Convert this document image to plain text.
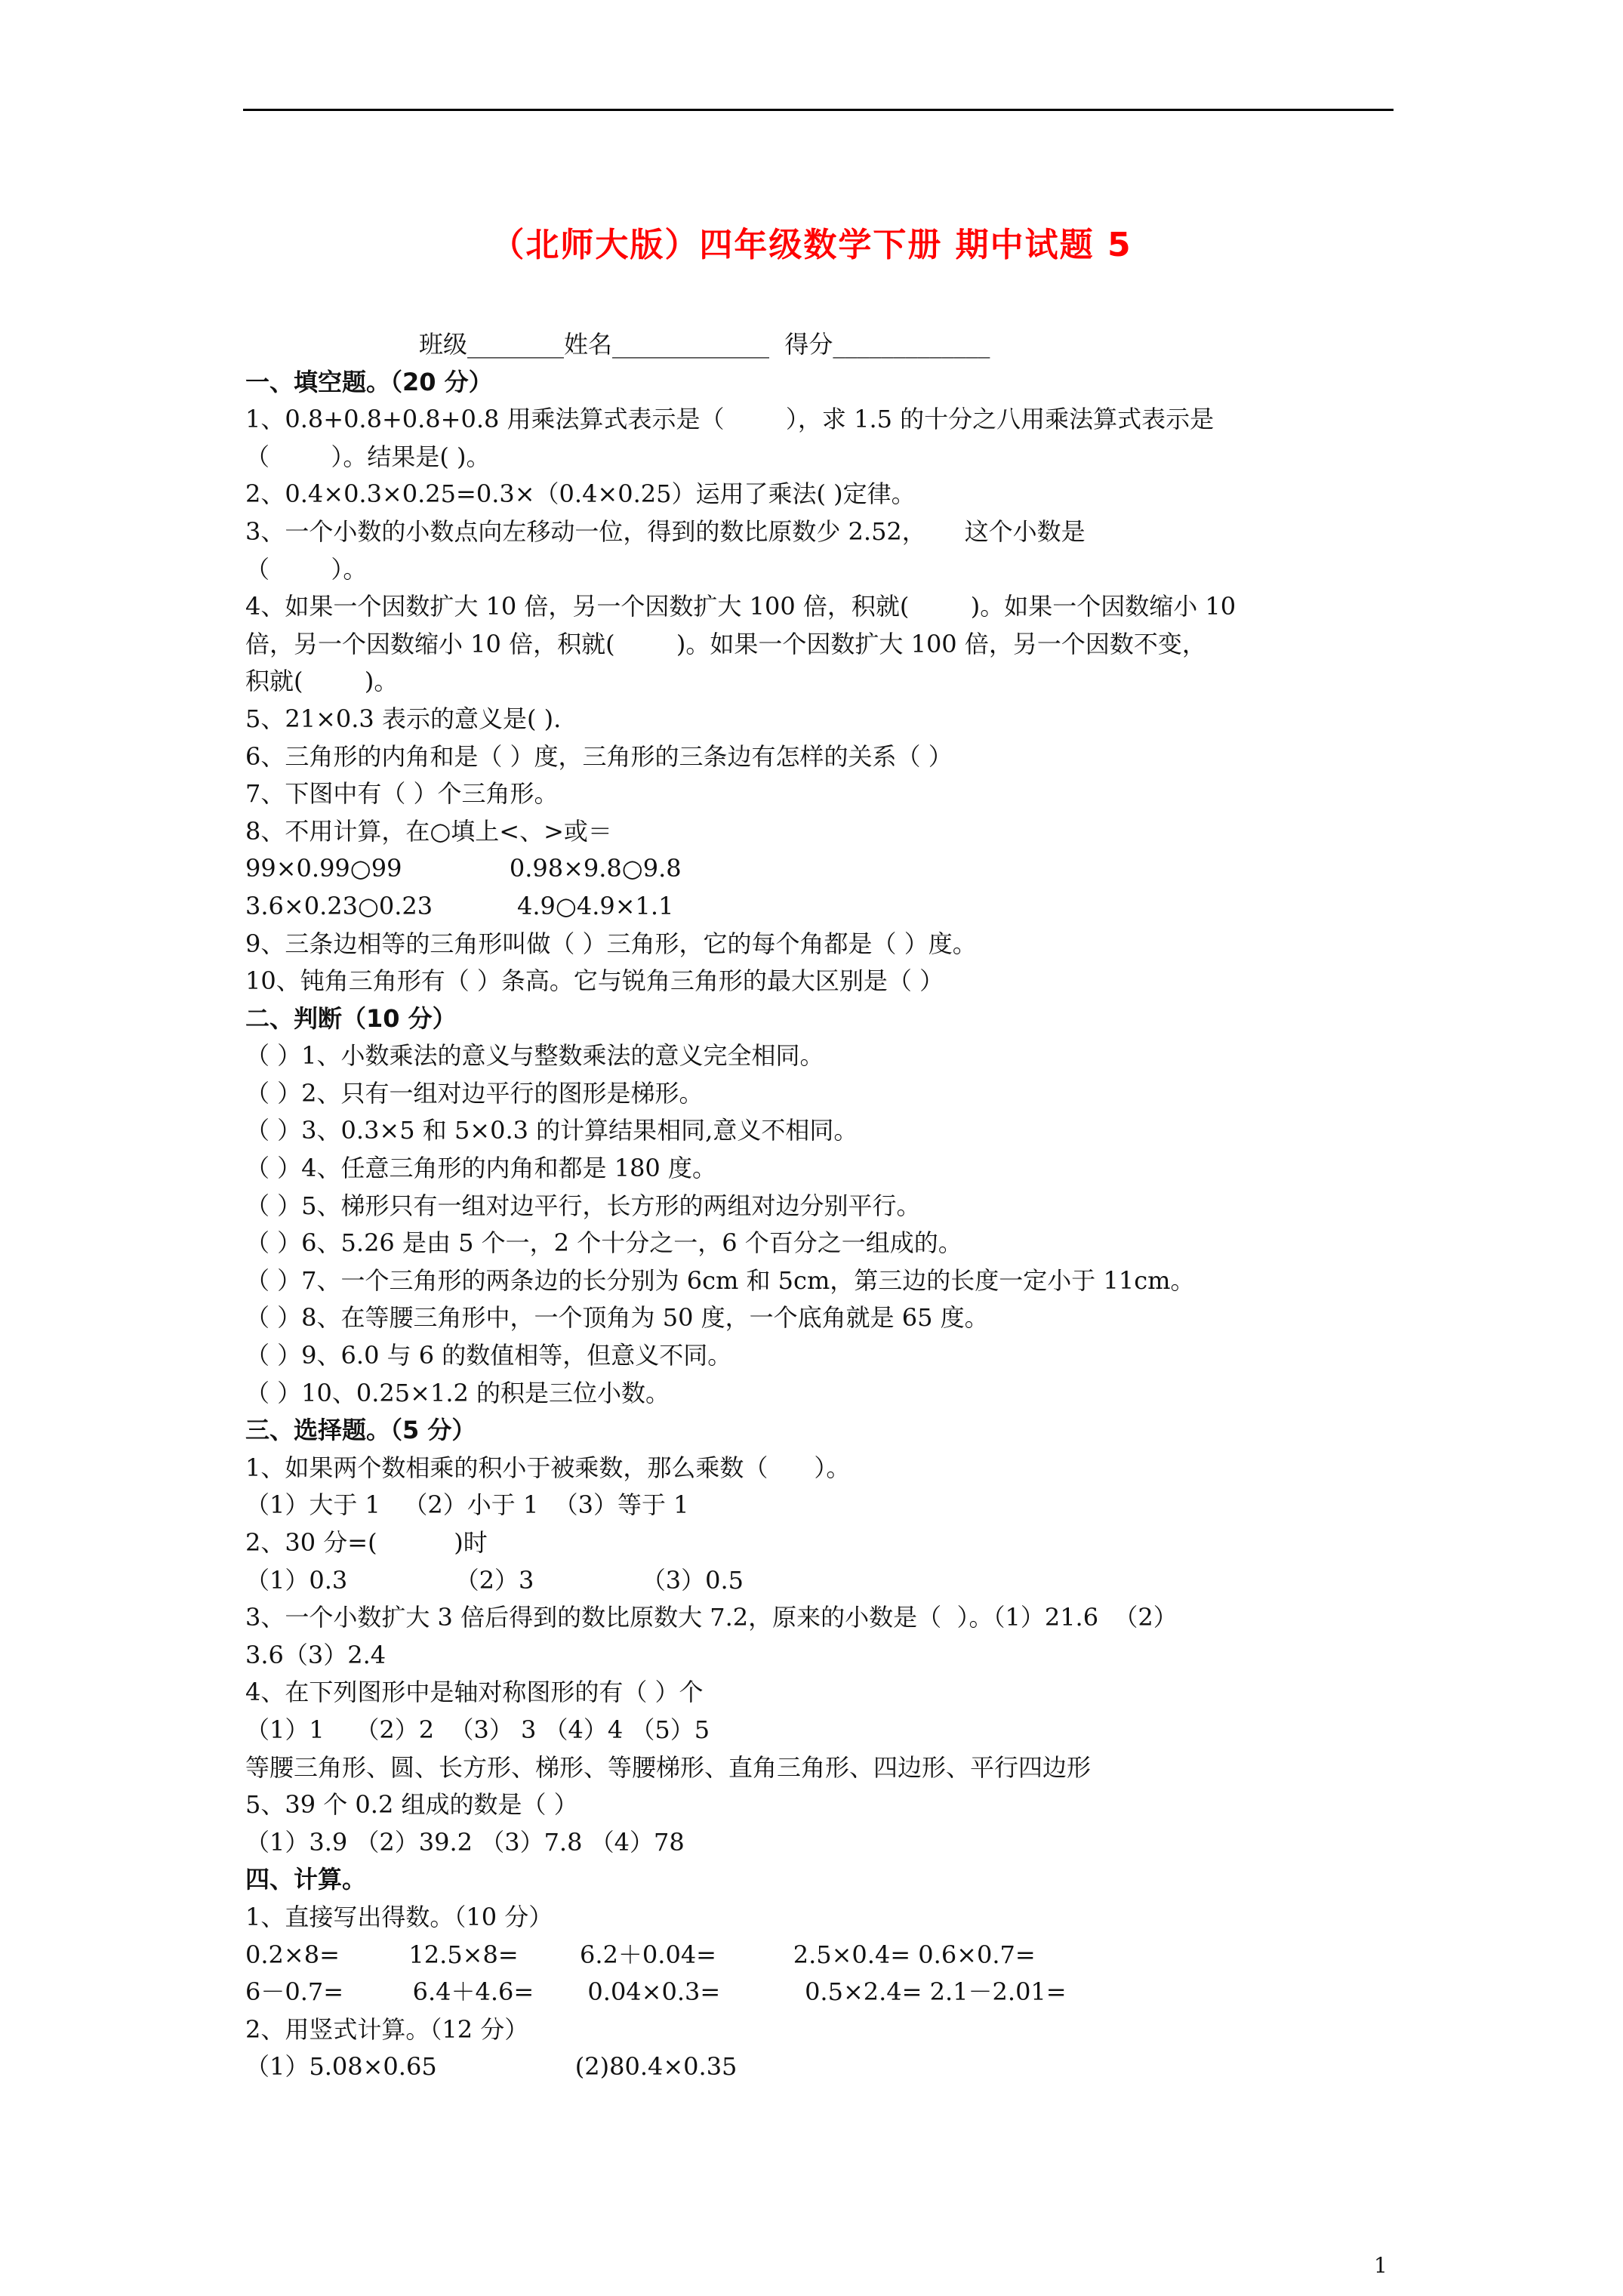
（北师大版）四年级数学下册 期中试题 5
班级________姓名_____________  得分_____________
一、填空题。（20 分）
1、0.8+0.8+0.8+0.8 用乘法算式表示是（        ），求 1.5 的十分之八用乘法算式表示是
（        ）。结果是( )。
2、0.4×0.3×0.25=0.3×（0.4×0.25）运用了乘法( )定律。
3、一个小数的小数点向左移动一位，得到的数比原数少 2.52，     这个小数是
（        ）。
4、如果一个因数扩大 10 倍，另一个因数扩大 100 倍，积就(        )。如果一个因数缩小 10
倍，另一个因数缩小 10 倍，积就(        )。如果一个因数扩大 100 倍，另一个因数不变，
积就(        )。
5、21×0.3 表示的意义是( ).
6、三角形的内角和是（ ）度，三角形的三条边有怎样的关系（ ）
7、下图中有（ ）个三角形。
8、不用计算，在○填上<、>或＝
99×0.99○99              0.98×9.8○9.8
3.6×0.23○0.23           4.9○4.9×1.1
9、三条边相等的三角形叫做（ ）三角形，它的每个角都是（ ）度。
10、钝角三角形有（ ）条高。它与锐角三角形的最大区别是（ ）
二、判断（10 分）
（ ）1、小数乘法的意义与整数乘法的意义完全相同。
（ ）2、只有一组对边平行的图形是梯形。
（ ）3、0.3×5 和 5×0.3 的计算结果相同,意义不相同。
（ ）4、任意三角形的内角和都是 180 度。
（ ）5、梯形只有一组对边平行，长方形的两组对边分别平行。
（ ）6、5.26 是由 5 个一，2 个十分之一，6 个百分之一组成的。
（ ）7、一个三角形的两条边的长分别为 6cm 和 5cm，第三边的长度一定小于 11cm。
（ ）8、在等腰三角形中，一个顶角为 50 度，一个底角就是 65 度。
（ ）9、6.0 与 6 的数值相等，但意义不同。
（ ）10、0.25×1.2 的积是三位小数。
三、选择题。（5 分）
1、如果两个数相乘的积小于被乘数，那么乘数（      ）。
（1）大于 1   （2）小于 1  （3）等于 1
2、30 分=(          )时
（1）0.3              （2）3              （3）0.5
3、一个小数扩大 3 倍后得到的数比原数大 7.2，原来的小数是（  ）。（1）21.6  （2）
3.6（3）2.4
4、在下列图形中是轴对称图形的有（ ）个
（1）1    （2）2  （3） 3 （4）4 （5）5
等腰三角形、圆、长方形、梯形、等腰梯形、直角三角形、四边形、平行四边形
5、39 个 0.2 组成的数是（ ）
（1）3.9 （2）39.2 （3）7.8 （4）78
四、计算。
1、直接写出得数。（10 分）
0.2×8=         12.5×8=        6.2＋0.04=          2.5×0.4= 0.6×0.7=
6－0.7=         6.4＋4.6=       0.04×0.3=           0.5×2.4= 2.1－2.01=
2、用竖式计算。（12 分）
（1）5.08×0.65                  (2)80.4×0.35
1
